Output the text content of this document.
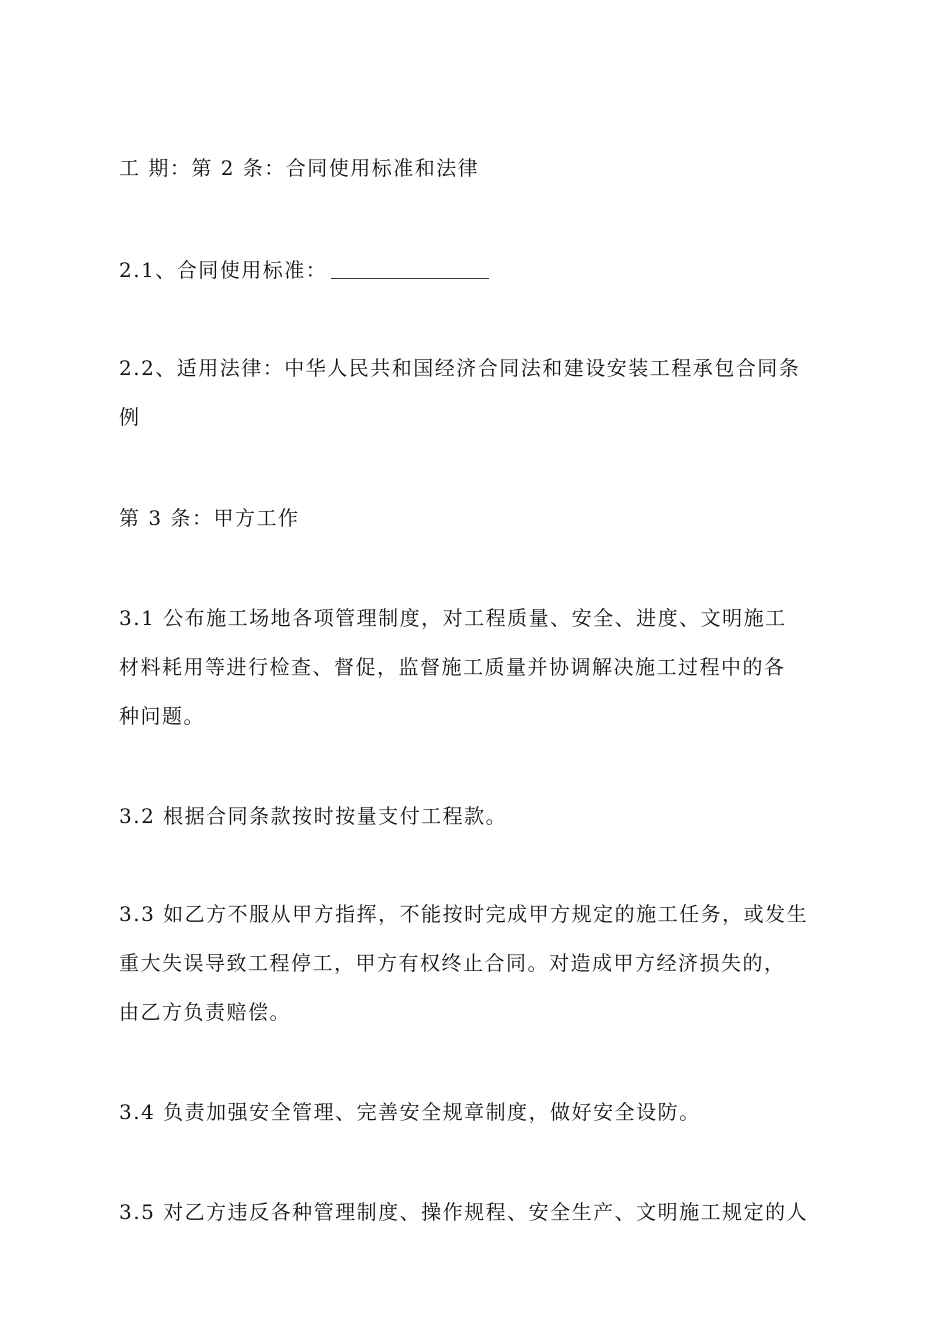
工 期：第 2 条：合同使用标准和法律
2.1、合同使用标准：
2.2、适用法律：中华人民共和国经济合同法和建设安装工程承包合同条
例
第 3 条：甲方工作
3.1 公布施工场地各项管理制度，对工程质量、安全、进度、文明施工
材料耗用等进行检查、督促，监督施工质量并协调解决施工过程中的各
种问题。
3.2 根据合同条款按时按量支付工程款。
3.3 如乙方不服从甲方指挥，不能按时完成甲方规定的施工任务，或发生
重大失误导致工程停工，甲方有权终止合同。对造成甲方经济损失的，
由乙方负责赔偿。
3.4 负责加强安全管理、完善安全规章制度，做好安全设防。
3.5 对乙方违反各种管理制度、操作规程、安全生产、文明施工规定的人
